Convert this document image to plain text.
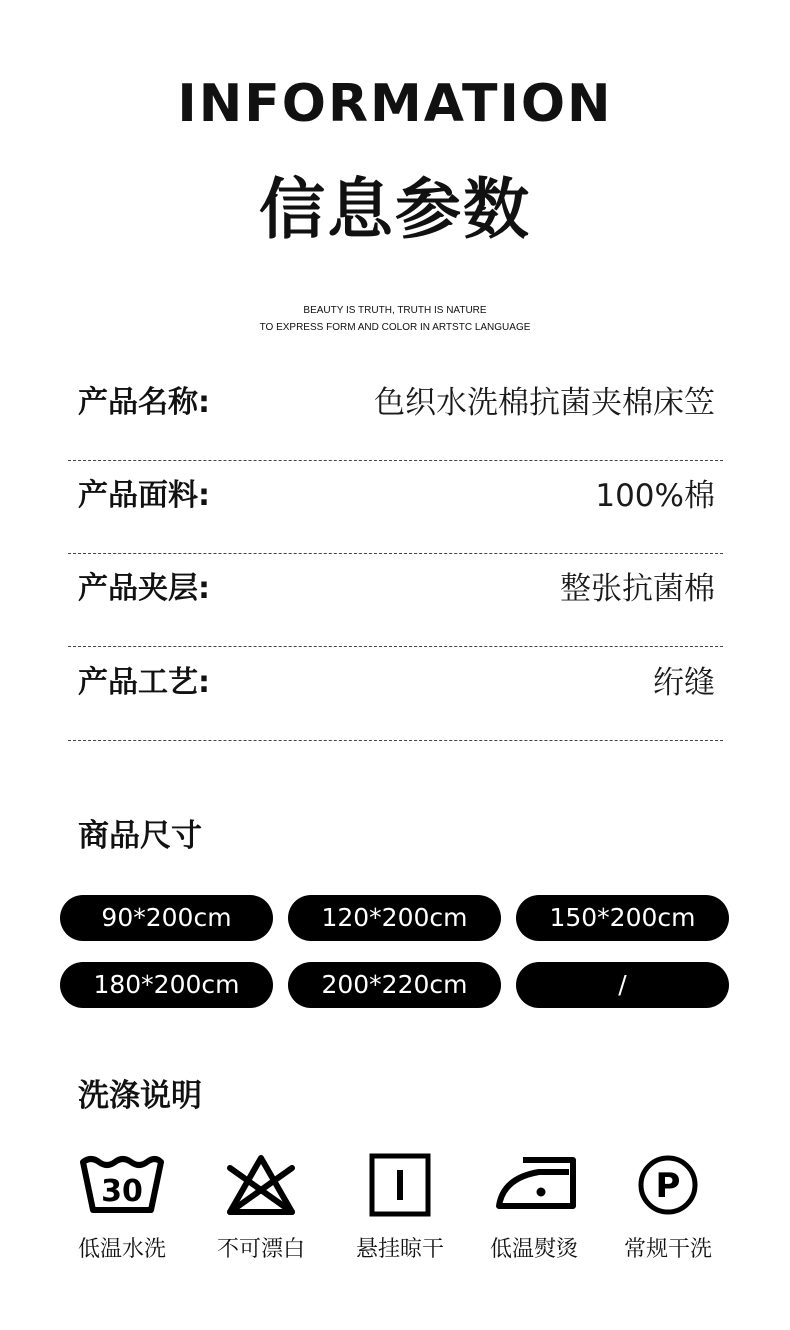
INFORMATION
信息参数
BEAUTY IS TRUTH, TRUTH IS NATURE
TO EXPRESS FORM AND COLOR IN ARTSTC LANGUAGE
产品名称:	色织水洗棉抗菌夹棉床笠
产品面料:	100%棉
产品夹层:	整张抗菌棉
产品工艺:	绗缝
商品尺寸
90*200cm	120*200cm	150*200cm
180*200cm	200*220cm	/
洗涤说明
30
低温水洗	不可漂白	悬挂晾干	低温熨烫
P
常规干洗
